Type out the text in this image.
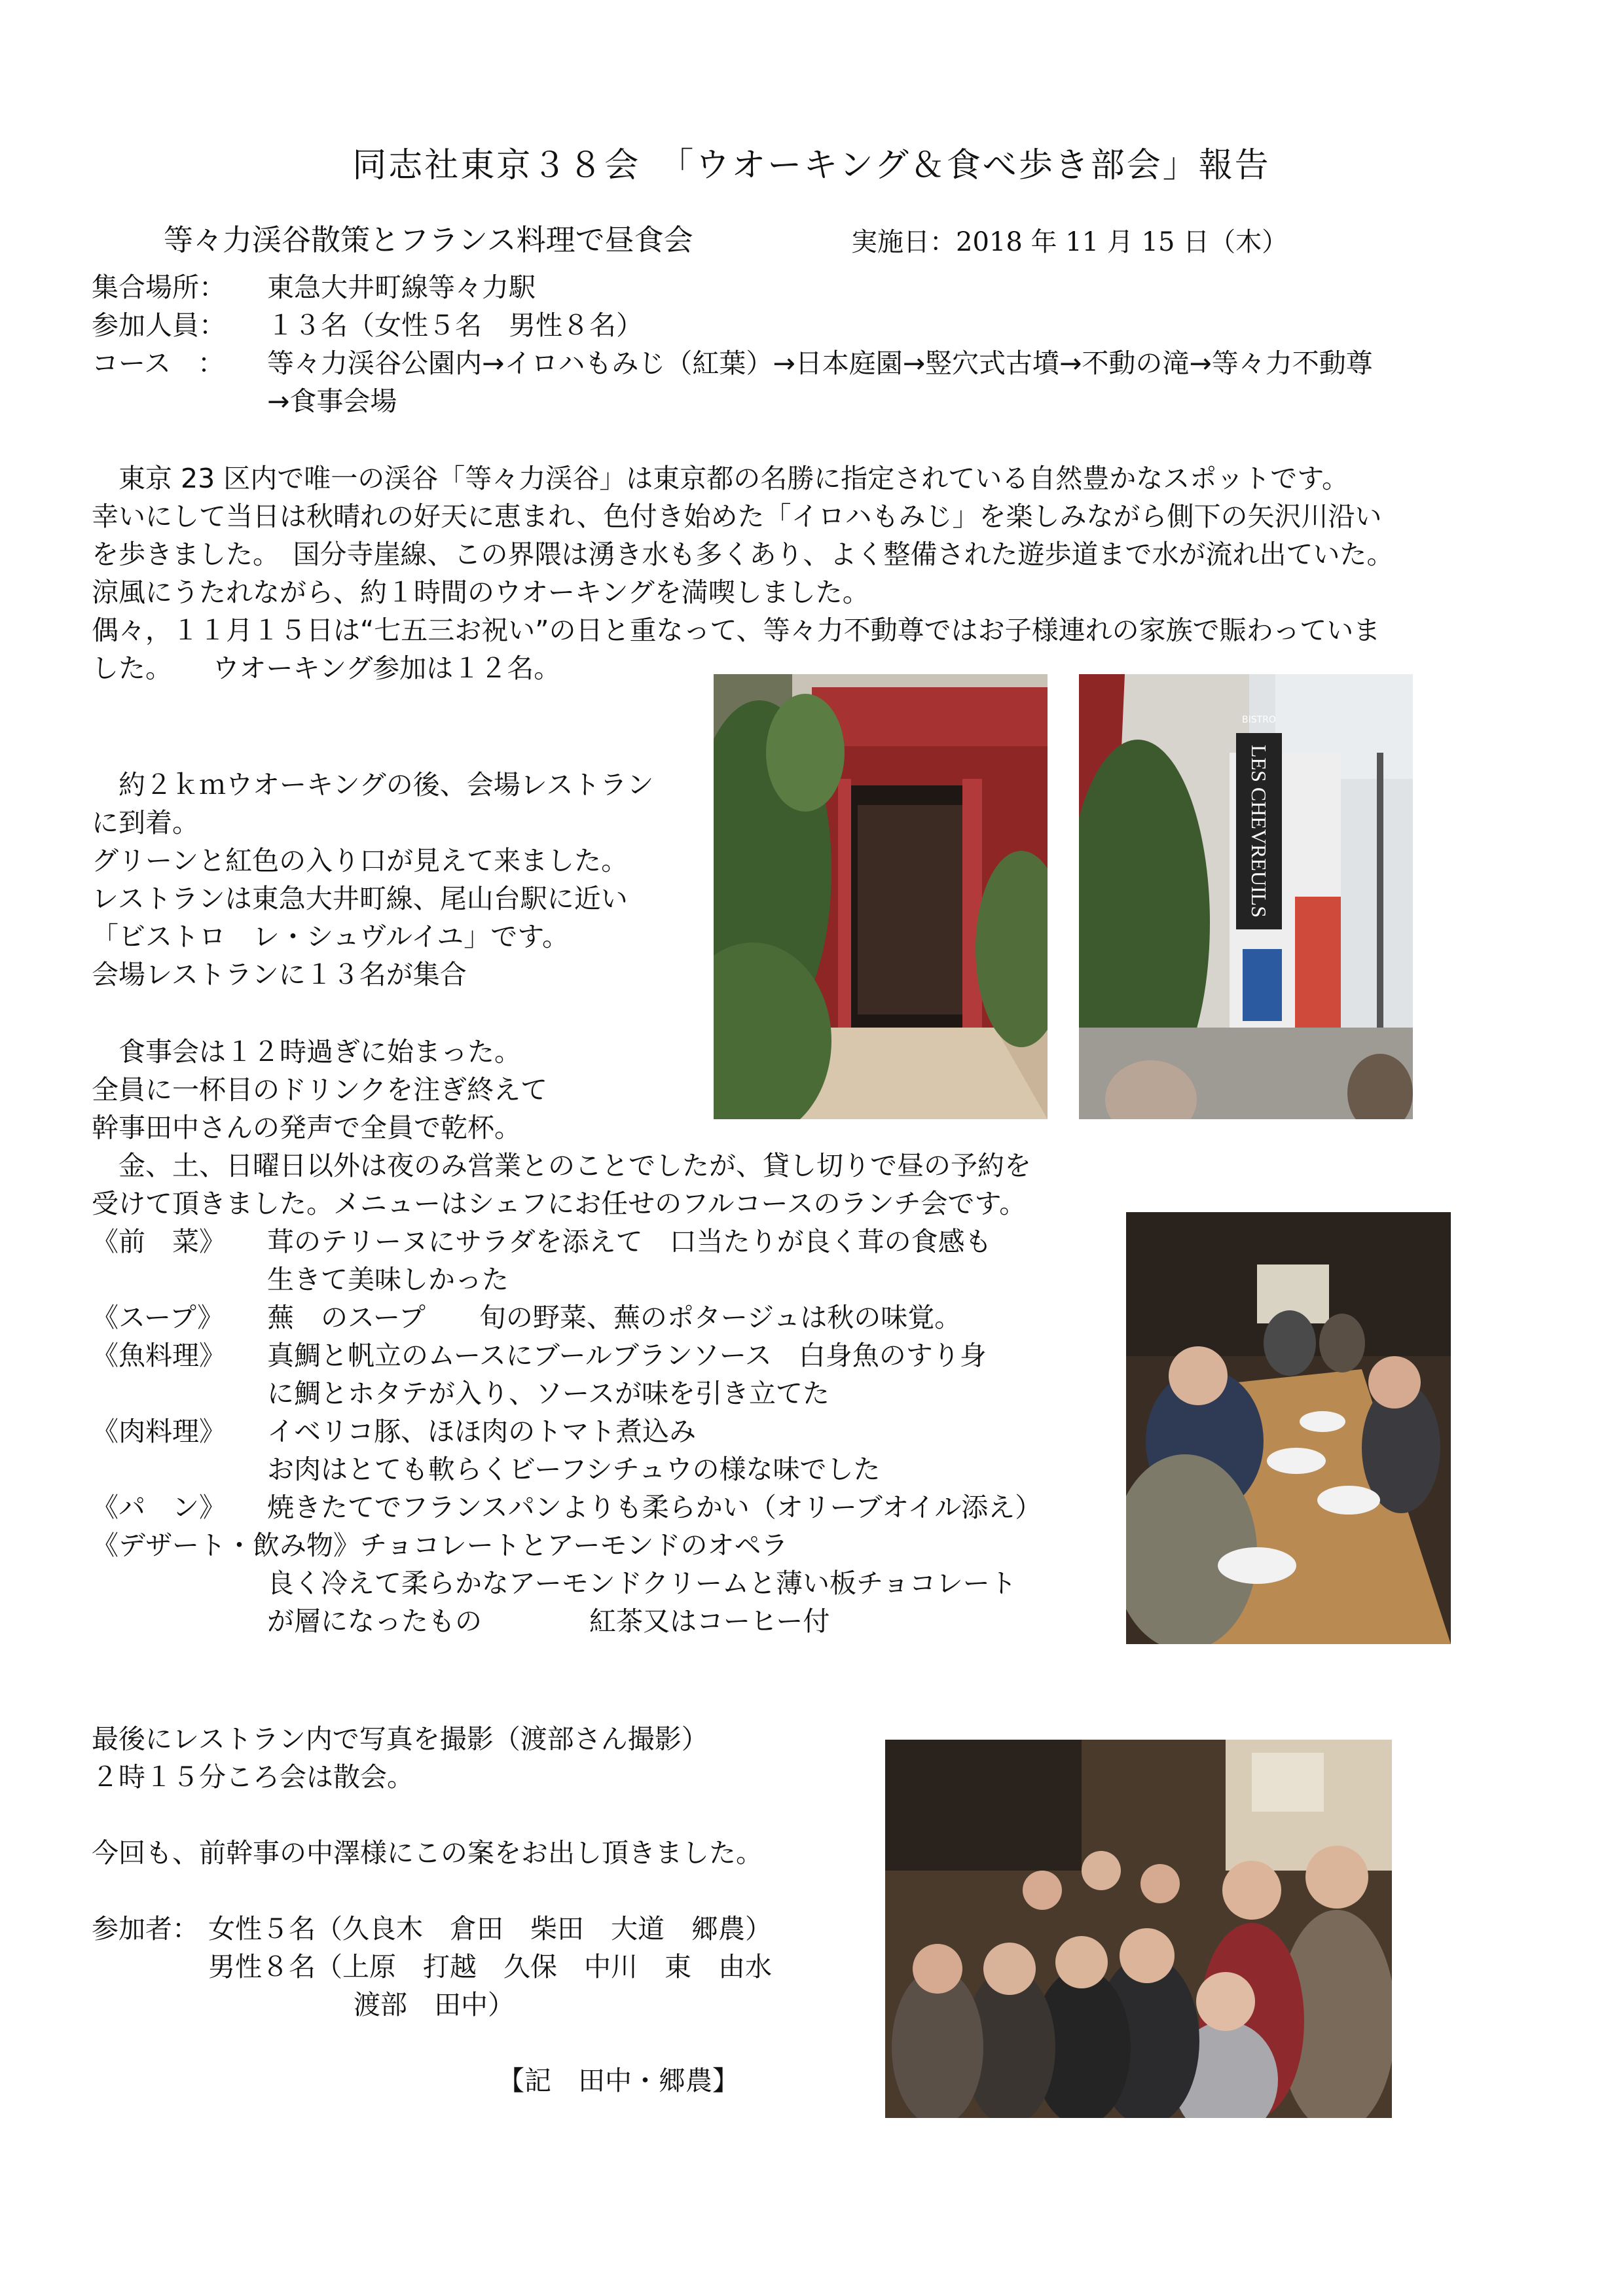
同志社東京３８会　「ウオーキング＆食べ歩き部会」報告
等々力渓谷散策とフランス料理で昼食会	実施日：2018 年 11 月 15 日（木）
集合場所： 東急大井町線等々力駅
参加人員： １３名（女性５名　男性８名）
コース　： 等々力渓谷公園内→イロハもみじ（紅葉）→日本庭園→竪穴式古墳→不動の滝→等々力不動尊
→食事会場
　東京 23 区内で唯一の渓谷「等々力渓谷」は東京都の名勝に指定されている自然豊かなスポットです。
幸いにして当日は秋晴れの好天に恵まれ、色付き始めた「イロハもみじ」を楽しみながら側下の矢沢川沿い
を歩きました。　国分寺崖線、この界隈は湧き水も多くあり、よく整備された遊歩道まで水が流れ出ていた。
涼風にうたれながら、約１時間のウオーキングを満喫しました。
偶々，１１月１５日は“七五三お祝い”の日と重なって、等々力不動尊ではお子様連れの家族で賑わっていま
した。　　ウオーキング参加は１２名。
　約２ｋｍウオーキングの後、会場レストラン
に到着。
グリーンと紅色の入り口が見えて来ました。
レストランは東急大井町線、尾山台駅に近い
「ビストロ　レ・シュヴルイユ」です。
会場レストランに１３名が集合
　食事会は１２時過ぎに始まった。
全員に一杯目のドリンクを注ぎ終えて
幹事田中さんの発声で全員で乾杯。
　金、土、日曜日以外は夜のみ営業とのことでしたが、貸し切りで昼の予約を
受けて頂きました。メニューはシェフにお任せのフルコースのランチ会です。
《前　菜》 茸のテリーヌにサラダを添えて　口当たりが良く茸の食感も
生きて美味しかった
《スープ》 蕪　のスープ　　旬の野菜、蕪のポタージュは秋の味覚。
《魚料理》 真鯛と帆立のムースにブールブランソース　白身魚のすり身
に鯛とホタテが入り、ソースが味を引き立てた
《肉料理》 イベリコ豚、ほほ肉のトマト煮込み
お肉はとても軟らくビーフシチュウの様な味でした
《パ　ン》 焼きたてでフランスパンよりも柔らかい（オリーブオイル添え）
《デザート・飲み物》チョコレートとアーモンドのオペラ
良く冷えて柔らかなアーモンドクリームと薄い板チョコレート
が層になったもの　　　　紅茶又はコーヒー付
最後にレストラン内で写真を撮影（渡部さん撮影）
２時１５分ころ会は散会。
今回も、前幹事の中澤様にこの案をお出し頂きました。
参加者： 女性５名（久良木　倉田　柴田　大道　郷農）
男性８名（上原　打越　久保　中川　東　由水
渡部　田中）
【記　田中・郷農】
LES CHEVREUILS
BISTRO
